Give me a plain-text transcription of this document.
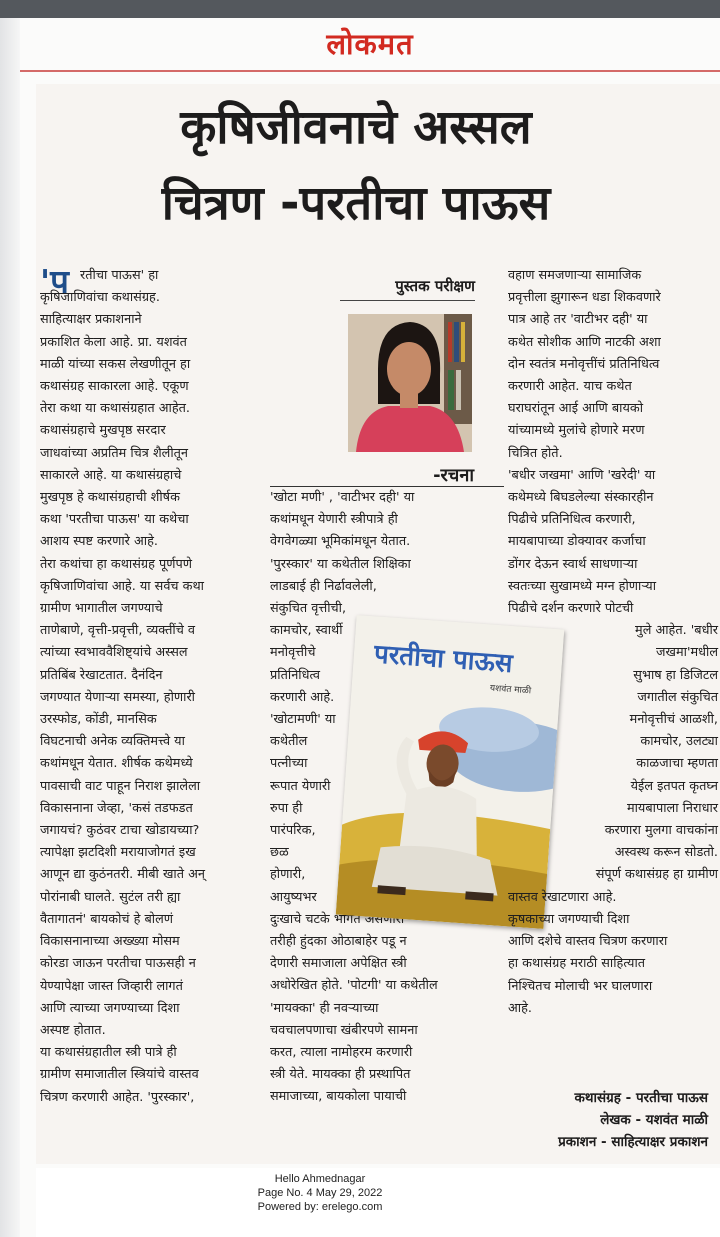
लोकमत
कृषिजीवनाचे अस्सल
चित्रण -परतीचा पाऊस
'प रतीचा पाऊस' हा
कृषिजाणिवांचा कथासंग्रह.
साहित्याक्षर प्रकाशनाने
प्रकाशित केला आहे. प्रा. यशवंत
माळी यांच्या सकस लेखणीतून हा
कथासंग्रह साकारला आहे. एकूण
तेरा कथा या कथासंग्रहात आहेत.
कथासंग्रहाचे मुखपृष्ठ सरदार
जाधवांच्या अप्रतिम चित्र शैलीतून
साकारले आहे. या कथासंग्रहाचे
मुखपृष्ठ हे कथासंग्रहाची शीर्षक
कथा 'परतीचा पाऊस' या कथेचा
आशय स्पष्ट करणारे आहे.
तेरा कथांचा हा कथासंग्रह पूर्णपणे
कृषिजाणिवांचा आहे. या सर्वच कथा
ग्रामीण भागातील जगण्याचे
ताणेबाणे, वृत्ती-प्रवृत्ती, व्यक्तींचे व
त्यांच्या स्वभाववैशिष्ट्यांचे अस्सल
प्रतिबिंब रेखाटतात. दैनंदिन
जगण्यात येणाऱ्या समस्या, होणारी
उरस्फोड, कोंडी, मानसिक
विघटनाची अनेक व्यक्तिमत्त्वे या
कथांमधून येतात. शीर्षक कथेमध्ये
पावसाची वाट पाहून निराश झालेला
विकासनाना जेव्हा, 'कसं तडफडत
जगायचं? कुठंवर टाचा खोडायच्या?
त्यापेक्षा झटदिशी मरायाजोगतं इख
आणून द्या कुठंनतरी. मीबी खाते अन्
पोरांनाबी घालते. सुटंल तरी ह्या
वैतागातनं' बायकोचं हे बोलणं
विकासनानाच्या अख्ख्या मोसम
कोरडा जाऊन परतीचा पाऊसही न
येण्यापेक्षा जास्त जिव्हारी लागतं
आणि त्याच्या जगण्याच्या दिशा
अस्पष्ट होतात.
या कथासंग्रहातील स्त्री पात्रे ही
ग्रामीण समाजातील स्त्रियांचे वास्तव
चित्रण करणारी आहेत. 'पुरस्कार',
पुस्तक परीक्षण
-रचना
'खोटा मणी' , 'वाटीभर दही' या
कथांमधून येणारी स्त्रीपात्रे ही
वेगवेगळ्या भूमिकांमधून येतात.
'पुरस्कार' या कथेतील शिक्षिका
लाडबाई ही निर्ढावलेली,
संकुचित वृत्तीची,
कामचोर, स्वार्थी
मनोवृत्तीचे
प्रतिनिधित्व
करणारी आहे.
'खोटामणी' या
कथेतील
पत्नीच्या
रूपात येणारी
रुपा ही
पारंपरिक,
छळ
होणारी,
आयुष्यभर
दुःखाचे चटके भोगत असणारी
तरीही हुंदका ओठाबाहेर पडू न
देणारी समाजाला अपेक्षित स्त्री
अधोरेखित होते. 'पोटगी' या कथेतील
'मायक्का' ही नवऱ्याच्या
चवचालपणाचा खंबीरपणे सामना
करत, त्याला नामोहरम करणारी
स्त्री येते. मायक्का ही प्रस्थापित
समाजाच्या, बायकोला पायाची
परतीचा पाऊस
यशवंत माळी
वहाण समजणाऱ्या सामाजिक
प्रवृत्तीला झुगारून धडा शिकवणारे
पात्र आहे तर 'वाटीभर दही' या
कथेत सोशीक आणि नाटकी अशा
दोन स्वतंत्र मनोवृत्तींचं प्रतिनिधित्व
करणारी आहेत. याच कथेत
घराघरांतून आई आणि बायको
यांच्यामध्ये मुलांचे होणारे मरण
चित्रित होते.
'बधीर जखमा' आणि 'खरेदी' या
कथेमध्ये बिघडलेल्या संस्कारहीन
पिढीचे प्रतिनिधित्व करणारी,
मायबापाच्या डोक्यावर कर्जाचा
डोंगर देऊन स्वार्थ साधणाऱ्या
स्वतःच्या सुखामध्ये मग्न होणाऱ्या
पिढीचे दर्शन करणारे पोटची
मुले आहेत. 'बधीर
जखमा'मधील
सुभाष हा डिजिटल
जगातील संकुचित
मनोवृत्तीचं आळशी,
कामचोर, उलट्या
काळजाचा म्हणता
येईल इतपत कृतघ्न
मायबापाला निराधार
करणारा मुलगा वाचकांना
अस्वस्थ करून सोडतो.
संपूर्ण कथासंग्रह हा ग्रामीण
वास्तव रेखाटणारा आहे.
कृषकाच्या जगण्याची दिशा
आणि दशेचे वास्तव चित्रण करणारा
हा कथासंग्रह मराठी साहित्यात
निश्चितच मोलाची भर घालणारा
आहे.
कथासंग्रह - परतीचा पाऊस
लेखक - यशवंत माळी
प्रकाशन - साहित्याक्षर प्रकाशन
Hello Ahmednagar
Page No. 4 May 29, 2022
Powered by: erelego.com
